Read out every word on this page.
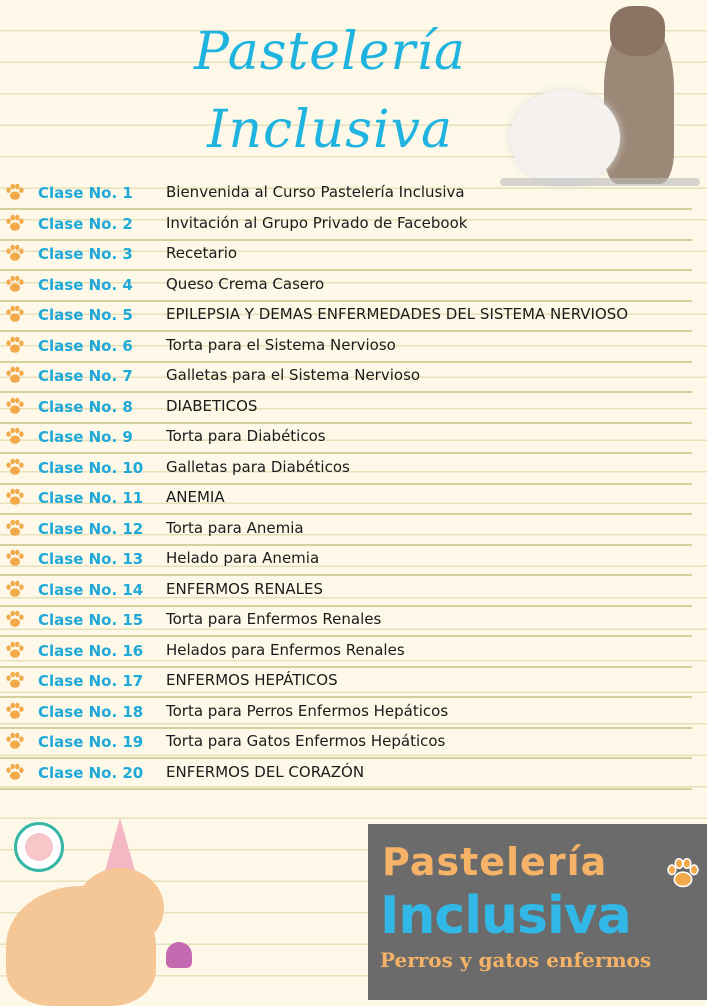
Pastelería
Inclusiva
Clase No. 1	Bienvenida al Curso Pastelería Inclusiva
Clase No. 2	Invitación al Grupo Privado de Facebook
Clase No. 3	Recetario
Clase No. 4	Queso Crema Casero
Clase No. 5	EPILEPSIA Y DEMAS ENFERMEDADES DEL SISTEMA NERVIOSO
Clase No. 6	Torta para el Sistema Nervioso
Clase No. 7	Galletas para el Sistema Nervioso
Clase No. 8	DIABETICOS
Clase No. 9	Torta para Diabéticos
Clase No. 10	Galletas para Diabéticos
Clase No. 11	ANEMIA
Clase No. 12	Torta para Anemia
Clase No. 13	Helado para Anemia
Clase No. 14	ENFERMOS RENALES
Clase No. 15	Torta para Enfermos Renales
Clase No. 16	Helados para Enfermos Renales
Clase No. 17	ENFERMOS HEPÁTICOS
Clase No. 18	Torta para Perros Enfermos Hepáticos
Clase No. 19	Torta para Gatos Enfermos Hepáticos
Clase No. 20	ENFERMOS DEL CORAZÓN
Pastelería
Inclusiva
Perros y gatos enfermos
